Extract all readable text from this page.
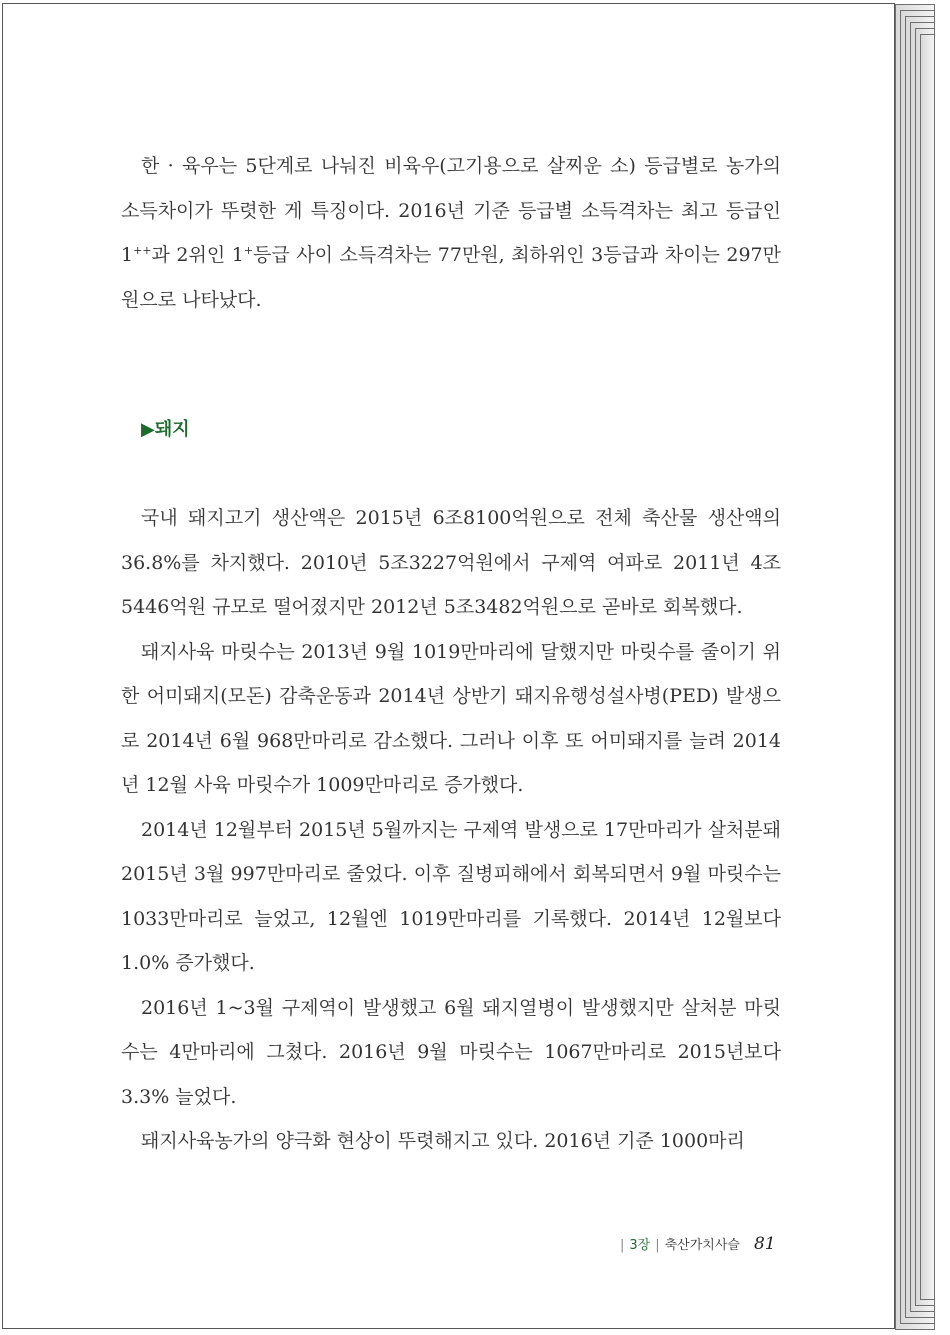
한 · 육우는 5단계로 나눠진 비육우(고기용으로 살찌운 소) 등급별로 농가의 소득차이가 뚜렷한 게 특징이다. 2016년 기준 등급별 소득격차는 최고 등급인 1++과 2위인 1+등급 사이 소득격차는 77만원, 최하위인 3등급과 차이는 297만원으로 나타났다.

▶돼지

국내 돼지고기 생산액은 2015년 6조8100억원으로 전체 축산물 생산액의 36.8%를 차지했다. 2010년 5조3227억원에서 구제역 여파로 2011년 4조5446억원 규모로 떨어졌지만 2012년 5조3482억원으로 곧바로 회복했다.

돼지사육 마릿수는 2013년 9월 1019만마리에 달했지만 마릿수를 줄이기 위한 어미돼지(모돈) 감축운동과 2014년 상반기 돼지유행성설사병(PED) 발생으로 2014년 6월 968만마리로 감소했다. 그러나 이후 또 어미돼지를 늘려 2014년 12월 사육 마릿수가 1009만마리로 증가했다.

2014년 12월부터 2015년 5월까지는 구제역 발생으로 17만마리가 살처분돼 2015년 3월 997만마리로 줄었다. 이후 질병피해에서 회복되면서 9월 마릿수는 1033만마리로 늘었고, 12월엔 1019만마리를 기록했다. 2014년 12월보다 1.0% 증가했다.

2016년 1~3월 구제역이 발생했고 6월 돼지열병이 발생했지만 살처분 마릿수는 4만마리에 그쳤다. 2016년 9월 마릿수는 1067만마리로 2015년보다 3.3% 늘었다.

돼지사육농가의 양극화 현상이 뚜렷해지고 있다. 2016년 기준 1000마리

| 3장 | 축산가치사슬 81
